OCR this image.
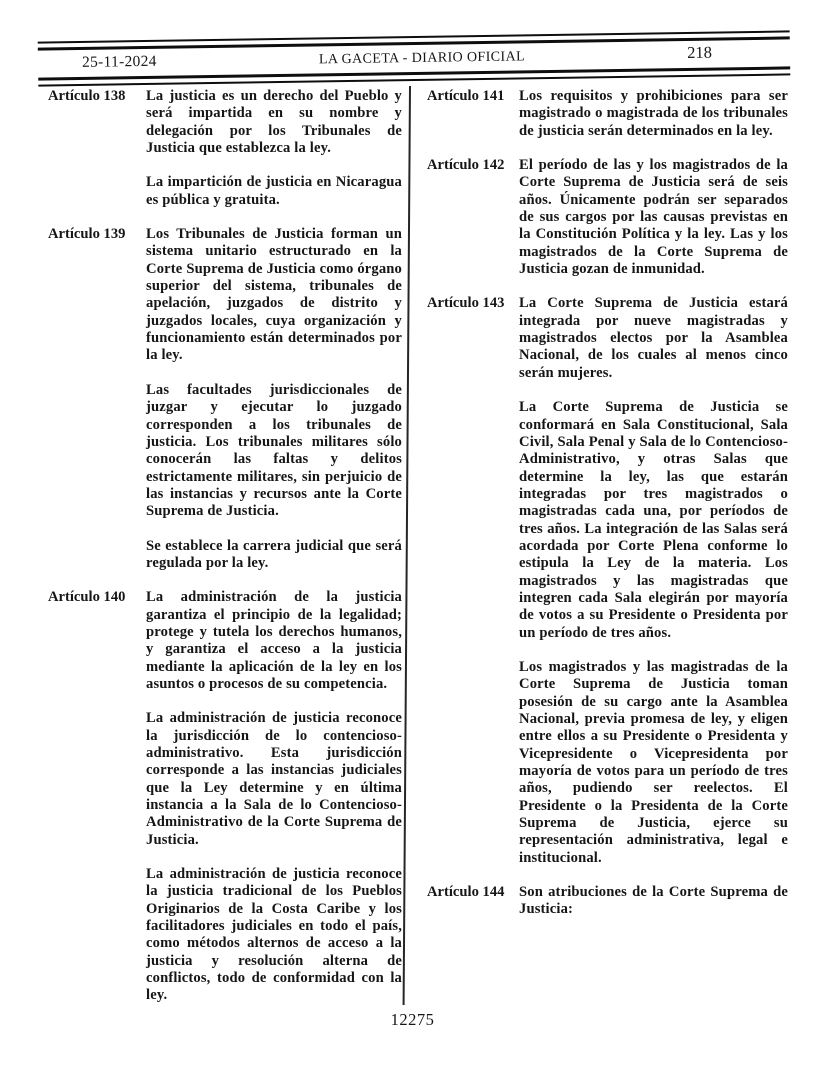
25-11-2024	LA GACETA - DIARIO OFICIAL	218
Artículo 138	La justicia es un derecho del Pueblo y será impartida en su nombre y delegación por los Tribunales de Justicia que establezca la ley.

La impartición de justicia en Nicaragua es pública y gratuita.

Artículo 139	Los Tribunales de Justicia forman un sistema unitario estructurado en la Corte Suprema de Justicia como órgano superior del sistema, tribunales de apelación, juzgados de distrito y juzgados locales, cuya organización y funcionamiento están determinados por la ley.

Las facultades jurisdiccionales de juzgar y ejecutar lo juzgado corresponden a los tribunales de justicia. Los tribunales militares sólo conocerán las faltas y delitos estrictamente militares, sin perjuicio de las instancias y recursos ante la Corte Suprema de Justicia.

Se establece la carrera judicial que será regulada por la ley.

Artículo 140	La administración de la justicia garantiza el principio de la legalidad; protege y tutela los derechos humanos, y garantiza el acceso a la justicia mediante la aplicación de la ley en los asuntos o procesos de su competencia.

La administración de justicia reconoce la jurisdicción de lo contencioso-administrativo. Esta jurisdicción corresponde a las instancias judiciales que la Ley determine y en última instancia a la Sala de lo Contencioso-Administrativo de la Corte Suprema de Justicia.

La administración de justicia reconoce la justicia tradicional de los Pueblos Originarios de la Costa Caribe y los facilitadores judiciales en todo el país, como métodos alternos de acceso a la justicia y resolución alterna de conflictos, todo de conformidad con la ley.

Artículo 141 Los requisitos y prohibiciones para ser magistrado o magistrada de los tribunales de justicia serán determinados en la ley.

Artículo 142 El período de las y los magistrados de la Corte Suprema de Justicia será de seis años. Únicamente podrán ser separados de sus cargos por las causas previstas en la Constitución Política y la ley. Las y los magistrados de la Corte Suprema de Justicia gozan de inmunidad.

Artículo 143 La Corte Suprema de Justicia estará integrada por nueve magistradas y magistrados electos por la Asamblea Nacional, de los cuales al menos cinco serán mujeres.

La Corte Suprema de Justicia se conformará en Sala Constitucional, Sala Civil, Sala Penal y Sala de lo Contencioso-Administrativo, y otras Salas que determine la ley, las que estarán integradas por tres magistrados o magistradas cada una, por períodos de tres años. La integración de las Salas será acordada por Corte Plena conforme lo estipula la Ley de la materia. Los magistrados y las magistradas que integren cada Sala elegirán por mayoría de votos a su Presidente o Presidenta por un período de tres años.

Los magistrados y las magistradas de la Corte Suprema de Justicia toman posesión de su cargo ante la Asamblea Nacional, previa promesa de ley, y eligen entre ellos a su Presidente o Presidenta y Vicepresidente o Vicepresidenta por mayoría de votos para un período de tres años, pudiendo ser reelectos. El Presidente o la Presidenta de la Corte Suprema de Justicia, ejerce su representación administrativa, legal e institucional.

Artículo 144 Son atribuciones de la Corte Suprema de Justicia:

12275
